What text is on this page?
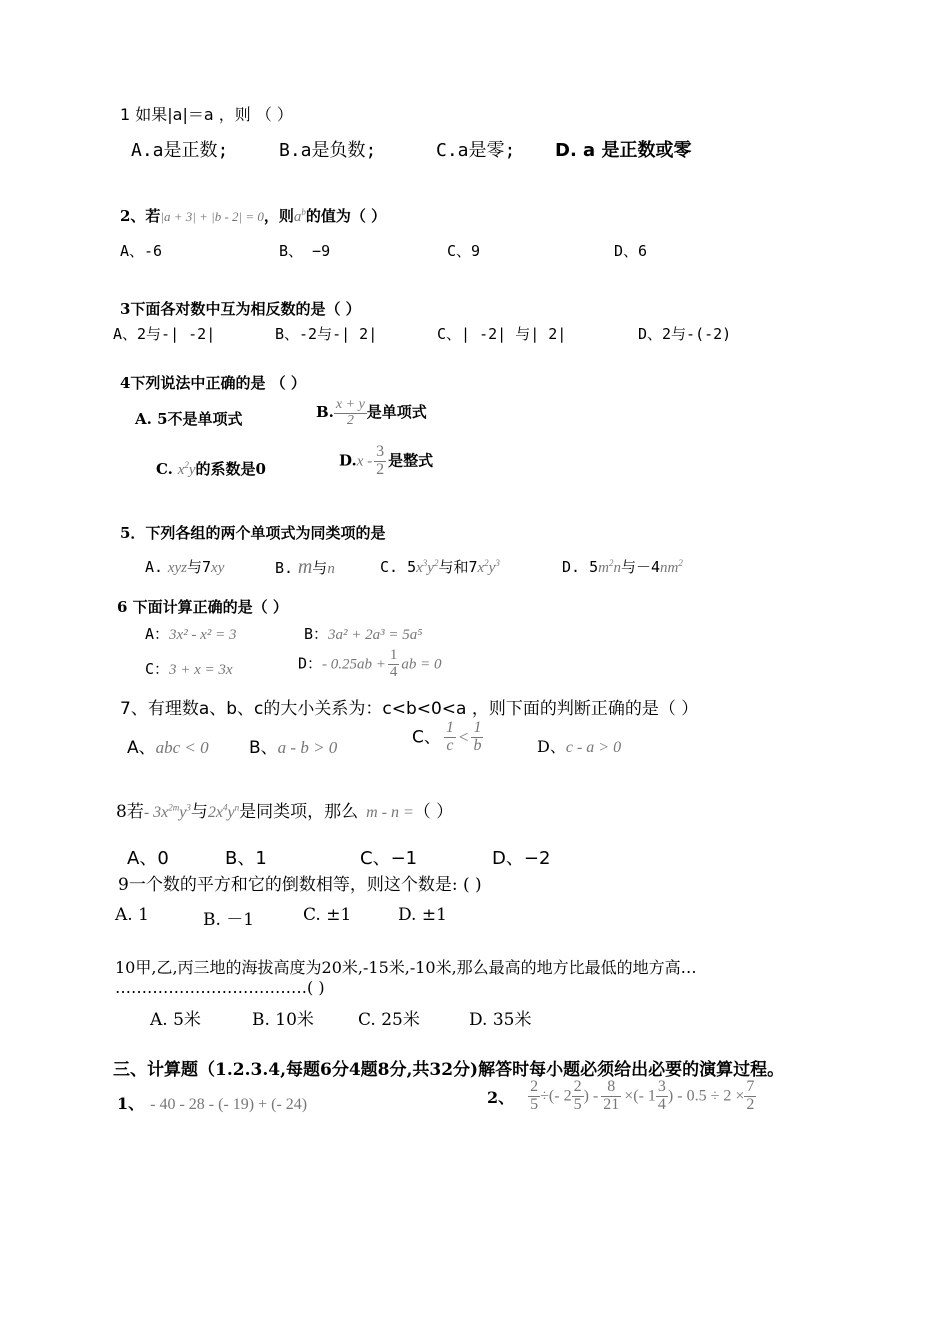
1 如果|a|＝a ，则 （ ）
A.a是正数;	B.a是负数;	C.a是零; D. a 是正数或零
2、若|a + 3| + |b - 2| = 0，则$a^b$的值为（ ）
A、-6	B、 −9	C、9	D、6
3下面各对数中互为相反数的是（ ）
A、2与-| -2|	B、-2与-| 2|	C、| -2| 与| 2|	D、2与-(-2)
4下列说法中正确的是 （ ）
A. 5不是单项式	B. $\frac{x + y}{2}$ 是单项式
C. $x^2y$的系数是0	$D.x - \frac{3}{2}$ 是整式
5．下列各组的两个单项式为同类项的是
A. xyz与7xy	B. m与n	C. $5x^3y^2$与和$7x^2y^3$	D. $5m^2n$与$-4nm^2$
6 下面计算正确的是（ ）
A：3x² - x² = 3	B：3a² + 2a³ = 5a⁵
C：3 + x = 3x	D：- $0.25ab + \frac{1}{4}$ ab = 0
7、有理数a、b、c的大小关系为：c<b<0<a ，则下面的判断正确的是（ ）
A、abc < 0 B、a - b > 0
C、 $\frac{1}{c} < \frac{1}{b}$	D、c - a > 0
8若- $3x^{2m}y^3$与$2x^4y^n$是同类项，那么 m - n =（ ）
A、0	B、1	C、−1	D、−2
9一个数的平方和它的倒数相等，则这个数是: ( )
A. 1	B. －1	C. ±1	D. ±1
10甲,乙,丙三地的海拔高度为20米,-15米,-10米,那么最高的地方比最低的地方高…
………………………………( )
A. 5米	B. 10米	C. 25米	D. 35米
三、计算题（1.2.3.4,每题6分4题8分,共32分)解答时每小题必须给出必要的演算过程。
1、 - 40 - 28 - (- 19) + (- 24)	2、 $\frac{2}{5}$ ÷(- $2 \frac{2}{5}$ ) - $\frac{8}{21}$ ×(- $1 \frac{3}{4}$ ) - $0.5 \div 2 \times \frac{7}{2}$
